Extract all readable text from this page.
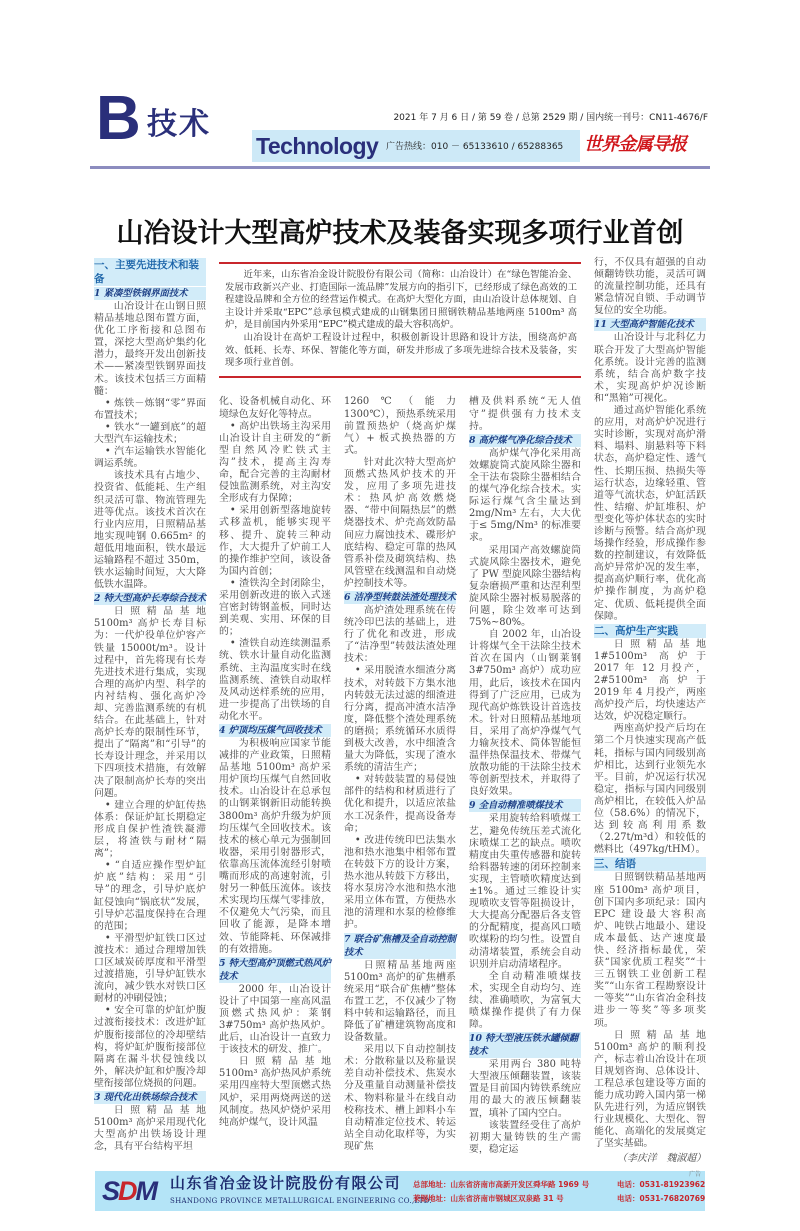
B 技术	2021 年 7 月 6 日 / 第 59 卷 / 总第 2529 期 / 国内统一刊号：CN11-4676/F
Technology 广告热线：010 － 65133610 / 65288365 世界金属导报
山冶设计大型高炉技术及装备实现多项行业首创

近年来，山东省冶金设计院股份有限公司（简称：山冶设计）在“绿色智能冶金、发展市政新兴产业、打造国际一流品牌”发展方向的指引下，已经形成了绿色高效的工程建设品牌和全方位的经营运作模式。在高炉大型化方面，由山冶设计总体规划、自主设计并采取“EPC”总承包模式建成的山钢集团日照钢铁精品基地两座 5100m³ 高炉，是目前国内外采用“EPC”模式建成的最大容积高炉。

山冶设计在高炉工程设计过程中，积极创新设计思路和设计方法，围绕高炉高效、低耗、长寿、环保、智能化等方面，研发并形成了多项先进综合技术及装备，实现多项行业首创。

一、主要先进技术和装备
1 紧凑型铁钢界面技术

山冶设计在山钢日照精品基地总图布置方面，优化工序衔接和总图布置，深挖大型高炉集约化潜力，最终开发出创新技术——紧凑型铁钢界面技术。该技术包括三方面精髓：

• 炼铁－炼钢“零”界面布置技术；

• 铁水“一罐到底”的超大型汽车运输技术；

• 汽车运输铁水智能化调运系统。

该技术具有占地少、投资省、低能耗、生产组织灵活可靠、物流管理先进等优点。该技术首次在行业内应用，日照精品基地实现吨钢 0.665m² 的超低用地面积，铁水最远运输路程不超过 350m，铁水运输时间短，大大降低铁水温降。

2 特大型高炉长寿综合技术

日照精品基地 5100m³ 高炉长寿目标为：一代炉役单位炉容产铁量 15000t/m³。设计过程中，首先将现有长寿先进技术进行集成，实现合理的高炉内型、科学的内衬结构、强化高炉冷却、完善监测系统的有机结合。在此基础上，针对高炉长寿的限制性环节，提出了“隔离”和“引导”的长寿设计理念，并采用以下四项技术措施，有效解决了限制高炉长寿的突出问题。

• 建立合理的炉缸传热体系：保证炉缸长期稳定形成自保护性渣铁凝滞层，将渣铁与耐材“隔离”；

• “自适应操作型炉缸炉底”结构：采用“引导”的理念，引导炉底炉缸侵蚀向“锅底状”发展，引导炉芯温度保持在合理的范围；

• 平滑型炉缸铁口区过渡技术：通过合理增加铁口区域炭砖厚度和平滑型过渡措施，引导炉缸铁水流向，减少铁水对铁口区耐材的冲刷侵蚀；

• 安全可靠的炉缸炉腹过渡衔接技术：改进炉缸炉腹衔接部位的冷却壁结构，将炉缸炉腹衔接部位隔离在漏斗状侵蚀线以外，解决炉缸和炉腹冷却壁衔接部位烧损的问题。

3 现代化出铁场综合技术

日照精品基地 5100m³ 高炉采用现代化大型高炉出铁场设计理念，具有平台结构平坦

化、设备机械自动化、环境绿色友好化等特点。

• 高炉出铁场主沟采用山冶设计自主研发的“新型自然风冷贮铁式主沟”技术，提高主沟寿命，配合完善的主沟耐材侵蚀监测系统，对主沟安全形成有力保障；

• 采用创新型落地旋转式移盖机，能够实现平移、提升、旋转三种动作，大大提升了炉前工人的操作维护空间，该设备为国内首创；

• 渣铁沟全封闭除尘，采用创新改进的嵌入式迷宫密封铸钢盖板，同时达到美观、实用、环保的目的；

• 渣铁自动连续测温系统、铁水计量自动化监测系统、主沟温度实时在线监测系统、渣铁自动取样及风动送样系统的应用，进一步提高了出铁场的自动化水平。

4 炉顶均压煤气回收技术

为积极响应国家节能减排的产业政策，日照精品基地 5100m³ 高炉采用炉顶均压煤气自然回收技术。山冶设计在总承包的山钢莱钢新旧动能转换 3800m³ 高炉升级为炉顶均压煤气全回收技术。该技术的核心单元为强制回收器，采用引射器形式，依靠高压流体流经引射喷嘴而形成的高速射流，引射另一种低压流体。该技术实现均压煤气零排放，不仅避免大气污染，而且回收了能源，是降本增效、节能降耗、环保减排的有效措施。

5 特大型高炉顶燃式热风炉技术

2000 年，山冶设计设计了中国第一座高风温顶燃式热风炉：莱钢 3#750m³ 高炉热风炉。此后，山冶设计一直致力于该技术的研发、推广。

日照精品基地 5100m³ 高炉热风炉系统采用四座特大型顶燃式热风炉，采用两烧两送的送风制度。热风炉烧炉采用纯高炉煤气，设计风温

1260℃（能力 1300℃），预热系统采用前置预热炉（烧高炉煤气）+ 板式换热器的方式。

针对此次特大型高炉顶燃式热风炉技术的开发，应用了多项先进技术：热风炉高效燃烧器、“带中间隔热层”的燃烧器技术、炉壳高效防晶间应力腐蚀技术、碟形炉底结构、稳定可靠的热风管系补偿及砌筑结构、热风管壁在线测温和自动烧炉控制技术等。

6 洁净型转鼓法渣处理技术

高炉渣处理系统在传统冷印巴法的基础上，进行了优化和改进，形成了“洁净型”转鼓法渣处理技术：

• 采用脱渣水细渣分离技术，对转鼓下方集水池内转鼓无法过滤的细渣进行分离，提高冲渣水洁净度，降低整个渣处理系统的磨损；系统循环水质得到极大改善，水中细渣含量大为降低，实现了渣水系统的清洁生产；

• 对转鼓装置的易侵蚀部件的结构和材质进行了优化和提升，以适应浓盐水工况条件，提高设备寿命；

• 改进传统印巴法集水池和热水池集中相邻布置在转鼓下方的设计方案，热水池从转鼓下方移出，将水泵房冷水池和热水池采用立体布置，方便热水池的清理和水泵的检修维护。

7 联合矿焦槽及全自动控制技术

日照精品基地两座 5100m³ 高炉的矿焦槽系统采用“联合矿焦槽”整体布置工艺，不仅减少了物料中转和运输路径，而且降低了矿槽建筑物高度和设备数量。

采用以下自动控制技术：分散称量以及称量误差自动补偿技术、焦炭水分及重量自动测量补偿技术、物料称量斗在线自动校称技术、槽上卸料小车自动精准定位技术、转运站全自动化取样等，为实现矿焦

槽及供料系统“无人值守”提供强有力技术支持。

8 高炉煤气净化综合技术

高炉煤气净化采用高效螺旋筒式旋风除尘器和全干法布袋除尘器相结合的煤气净化综合技术。实际运行煤气含尘量达到 2mg/Nm³ 左右，大大优于≤ 5mg/Nm³ 的标准要求。

采用国产高效螺旋筒式旋风除尘器技术，避免了 PW 型旋风除尘器结构复杂磨损严重和达涅利型旋风除尘器衬板易脱落的问题，除尘效率可达到 75%~80%。

自 2002 年，山冶设计将煤气全干法除尘技术首次在国内（山钢莱钢 3#750m³ 高炉）成功应用，此后，该技术在国内得到了广泛应用，已成为现代高炉炼铁设计首选技术。针对日照精品基地项目，采用了高炉净煤气气力输灰技术、筒体智能恒温伴热保温技术、带煤气放散功能的干法除尘技术等创新型技术，并取得了良好效果。

9 全自动精准喷煤技术

采用旋转给料喷煤工艺，避免传统压差式流化床喷煤工艺的缺点。喷吹精度由失重传感器和旋转给料器转速的闭环控制来实现，主管喷吹精度达到 ±1%。通过三维设计实现喷吹支管等阻损设计，大大提高分配器后各支管的分配精度，提高风口喷吹煤粉的均匀性。设置自动清堵装置，系统会自动识别并启动清堵程序。

全自动精准喷煤技术，实现全自动均匀、连续、准确喷吹，为富氧大喷煤操作提供了有力保障。

10 特大型液压铁水罐倾翻技术

采用两台 380 吨特大型液压倾翻装置，该装置是目前国内铸铁系统应用的最大的液压倾翻装置，填补了国内空白。

该装置经受住了高炉初期大量铸铁的生产需要，稳定运

行，不仅具有超强的自动倾翻铸铁功能，灵活可调的流量控制功能，还具有紧急情况自锁、手动调节复位的安全功能。

11 大型高炉智能化技术

山冶设计与北科亿力联合开发了大型高炉智能化系统。设计完善的监测系统，结合高炉数字技术，实现高炉炉况诊断和“黑箱”可视化。

通过高炉智能化系统的应用，对高炉炉况进行实时诊断，实现对高炉滑料、塌料、崩悬料等下料状态，高炉稳定性、透气性、长期压损、热损失等运行状态，边缘轻重、管道等气流状态，炉缸活跃性、结瘤、炉缸堆积、炉型变化等炉体状态的实时诊断与预警。结合高炉现场操作经验，形成操作参数的控制建议，有效降低高炉异常炉况的发生率，提高高炉顺行率，优化高炉操作制度，为高炉稳定、优质、低耗提供全面保障。

二、高炉生产实践

日照精品基地 1#5100m³ 高炉于 2017 年 12 月投产，2#5100m³ 高炉于 2019 年 4 月投产，两座高炉投产后，均快速达产达效，炉况稳定顺行。

两座高炉投产后均在第二个月快速实现高产低耗，指标与国内同级别高炉相比，达到行业领先水平。目前，炉况运行状况稳定，指标与国内同级别高炉相比，在较低入炉品位（58.6%）的情况下，达到较高利用系数（2.27t/m³d）和较低的燃料比（497kg/tHM）。

三、结语

日照钢铁精品基地两座 5100m³ 高炉项目，创下国内多项纪录：国内 EPC 建设最大容积高炉、吨铁占地最小、建设成本最低、达产速度最快、经济指标最优，荣获“国家优质工程奖”“十三五钢铁工业创新工程奖”“山东省工程勘察设计一等奖”“山东省冶金科技进步一等奖”等多项奖项。

日照精品基地 5100m³ 高炉的顺利投产，标志着山冶设计在项目规划咨询、总体设计、工程总承包建设等方面的能力成功跨入国内第一梯队先进行列，为适应钢铁行业规模化、大型化、智能化、高端化的发展奠定了坚实基础。

（李庆洋　魏淑超）

SDM 山东省冶金设计院股份有限公司
SHANDONG PROVINCE METALLURGICAL ENGINEERING CO.,LTD.
总部地址：山东省济南市高新开发区舜华路 1969 号
莱钢地址：山东省济南市钢城区双泉路 31 号
电话：0531-81923962
电话：0531-76820769
广告
